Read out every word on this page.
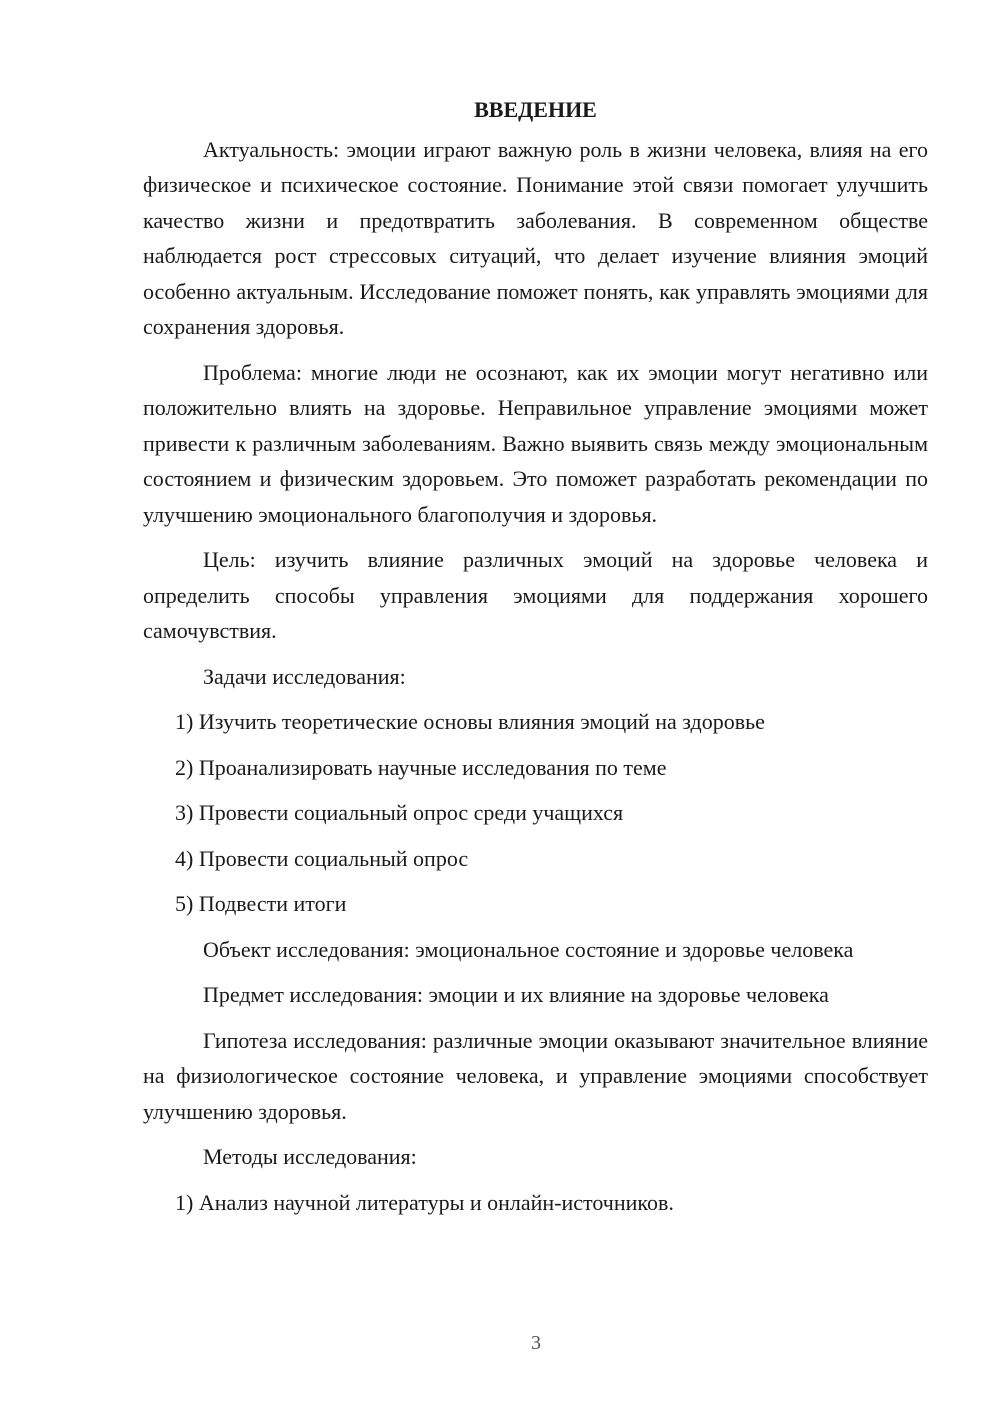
ВВЕДЕНИЕ

Актуальность: эмоции играют важную роль в жизни человека, влияя на его физическое и психическое состояние. Понимание этой связи помогает улучшить качество жизни и предотвратить заболевания. В современном обществе наблюдается рост стрессовых ситуаций, что делает изучение влияния эмоций особенно актуальным. Исследование поможет понять, как управлять эмоциями для сохранения здоровья.

Проблема: многие люди не осознают, как их эмоции могут негативно или положительно влиять на здоровье. Неправильное управление эмоциями может привести к различным заболеваниям. Важно выявить связь между эмоциональным состоянием и физическим здоровьем. Это поможет разработать рекомендации по улучшению эмоционального благополучия и здоровья.

Цель: изучить влияние различных эмоций на здоровье человека и определить способы управления эмоциями для поддержания хорошего самочувствия.

Задачи исследования:

1) Изучить теоретические основы влияния эмоций на здоровье
2) Проанализировать научные исследования по теме
3) Провести социальный опрос среди учащихся
4) Провести социальный опрос
5) Подвести итоги

Объект исследования: эмоциональное состояние и здоровье человека

Предмет исследования: эмоции и их влияние на здоровье человека

Гипотеза исследования: различные эмоции оказывают значительное влияние на физиологическое состояние человека, и управление эмоциями способствует улучшению здоровья.

Методы исследования:

1) Анализ научной литературы и онлайн-источников.
3
